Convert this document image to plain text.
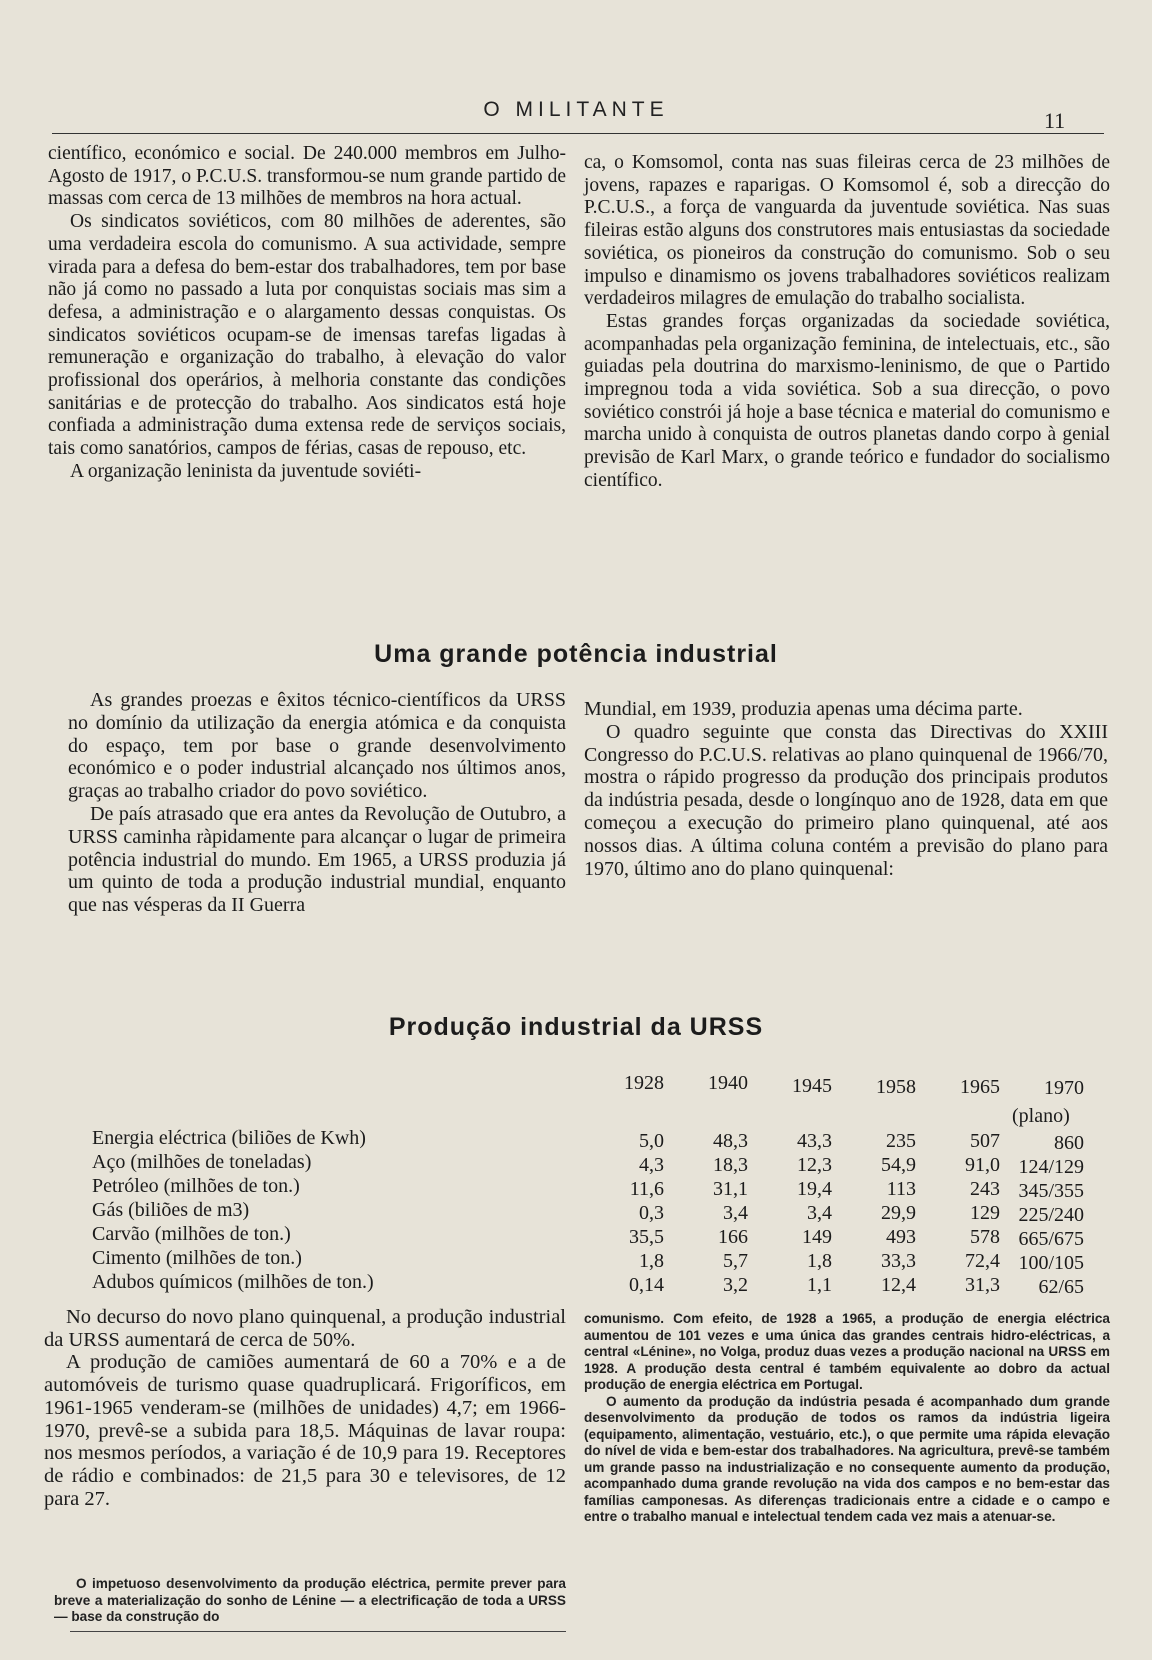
O MILITANTE	11

científico, económico e social. De 240.000 membros em Julho-Agosto de 1917, o P.C.U.S. transformou-se num grande partido de massas com cerca de 13 milhões de membros na hora actual.

Os sindicatos soviéticos, com 80 milhões de aderentes, são uma verdadeira escola do comunismo. A sua actividade, sempre virada para a defesa do bem-estar dos trabalhadores, tem por base não já como no passado a luta por conquistas sociais mas sim a defesa, a administração e o alargamento dessas conquistas. Os sindicatos soviéticos ocupam-se de imensas tarefas ligadas à remuneração e organização do trabalho, à elevação do valor profissional dos operários, à melhoria constante das condições sanitárias e de protecção do trabalho. Aos sindicatos está hoje confiada a administração duma extensa rede de serviços sociais, tais como sanatórios, campos de férias, casas de repouso, etc.

A organização leninista da juventude soviéti-

ca, o Komsomol, conta nas suas fileiras cerca de 23 milhões de jovens, rapazes e raparigas. O Komsomol é, sob a direcção do P.C.U.S., a força de vanguarda da juventude soviética. Nas suas fileiras estão alguns dos construtores mais entusiastas da sociedade soviética, os pioneiros da construção do comunismo. Sob o seu impulso e dinamismo os jovens trabalhadores soviéticos realizam verdadeiros milagres de emulação do trabalho socialista.

Estas grandes forças organizadas da sociedade soviética, acompanhadas pela organização feminina, de intelectuais, etc., são guiadas pela doutrina do marxismo-leninismo, de que o Partido impregnou toda a vida soviética. Sob a sua direcção, o povo soviético constrói já hoje a base técnica e material do comunismo e marcha unido à conquista de outros planetas dando corpo à genial previsão de Karl Marx, o grande teórico e fundador do socialismo científico.

Uma grande potência industrial

As grandes proezas e êxitos técnico-científicos da URSS no domínio da utilização da energia atómica e da conquista do espaço, tem por base o grande desenvolvimento económico e o poder industrial alcançado nos últimos anos, graças ao trabalho criador do povo soviético.

De país atrasado que era antes da Revolução de Outubro, a URSS caminha ràpidamente para alcançar o lugar de primeira potência industrial do mundo. Em 1965, a URSS produzia já um quinto de toda a produção industrial mundial, enquanto que nas vésperas da II Guerra

Mundial, em 1939, produzia apenas uma décima parte.

O quadro seguinte que consta das Directivas do XXIII Congresso do P.C.U.S. relativas ao plano quinquenal de 1966/70, mostra o rápido progresso da produção dos principais produtos da indústria pesada, desde o longínquo ano de 1928, data em que começou a execução do primeiro plano quinquenal, até aos nossos dias. A última coluna contém a previsão do plano para 1970, último ano do plano quinquenal:

Produção industrial da URSS
1928	1940	1945	1958	1965	1970
(plano)
Energia eléctrica (biliões de Kwh)	5,0	48,3	43,3	235	507	860
Aço (milhões de toneladas)	4,3	18,3	12,3	54,9	91,0 124/129
Petróleo (milhões de ton.)	11,6	31,1	19,4	113	243 345/355
Gás (biliões de m3)	0,3	3,4	3,4	29,9	129 225/240
Carvão (milhões de ton.)	35,5	166	149	493	578 665/675
Cimento (milhões de ton.)	1,8	5,7	1,8	33,3	72,4 100/105
Adubos químicos (milhões de ton.)	0,14	3,2	1,1	12,4	31,3	62/65

No decurso do novo plano quinquenal, a produção industrial da URSS aumentará de cerca de 50%.

A produção de camiões aumentará de 60 a 70% e a de automóveis de turismo quase quadruplicará. Frigoríficos, em 1961-1965 venderam-se (milhões de unidades) 4,7; em 1966-1970, prevê-se a subida para 18,5. Máquinas de lavar roupa: nos mesmos períodos, a variação é de 10,9 para 19. Receptores de rádio e combinados: de 21,5 para 30 e televisores, de 12 para 27.

O impetuoso desenvolvimento da produção eléctrica, permite prever para breve a materialização do sonho de Lénine — a electrificação de toda a URSS — base da construção do

comunismo. Com efeito, de 1928 a 1965, a produção de energia eléctrica aumentou de 101 vezes e uma única das grandes centrais hidro-eléctricas, a central «Lénine», no Volga, produz duas vezes a produção nacional na URSS em 1928. A produção desta central é também equivalente ao dobro da actual produção de energia eléctrica em Portugal.

O aumento da produção da indústria pesada é acompanhado dum grande desenvolvimento da produção de todos os ramos da indústria ligeira (equipamento, alimentação, vestuário, etc.), o que permite uma rápida elevação do nível de vida e bem-estar dos trabalhadores. Na agricultura, prevê-se também um grande passo na industrialização e no consequente aumento da produção, acompanhado duma grande revolução na vida dos campos e no bem-estar das famílias camponesas. As diferenças tradicionais entre a cidade e o campo e entre o trabalho manual e intelectual tendem cada vez mais a atenuar-se.
